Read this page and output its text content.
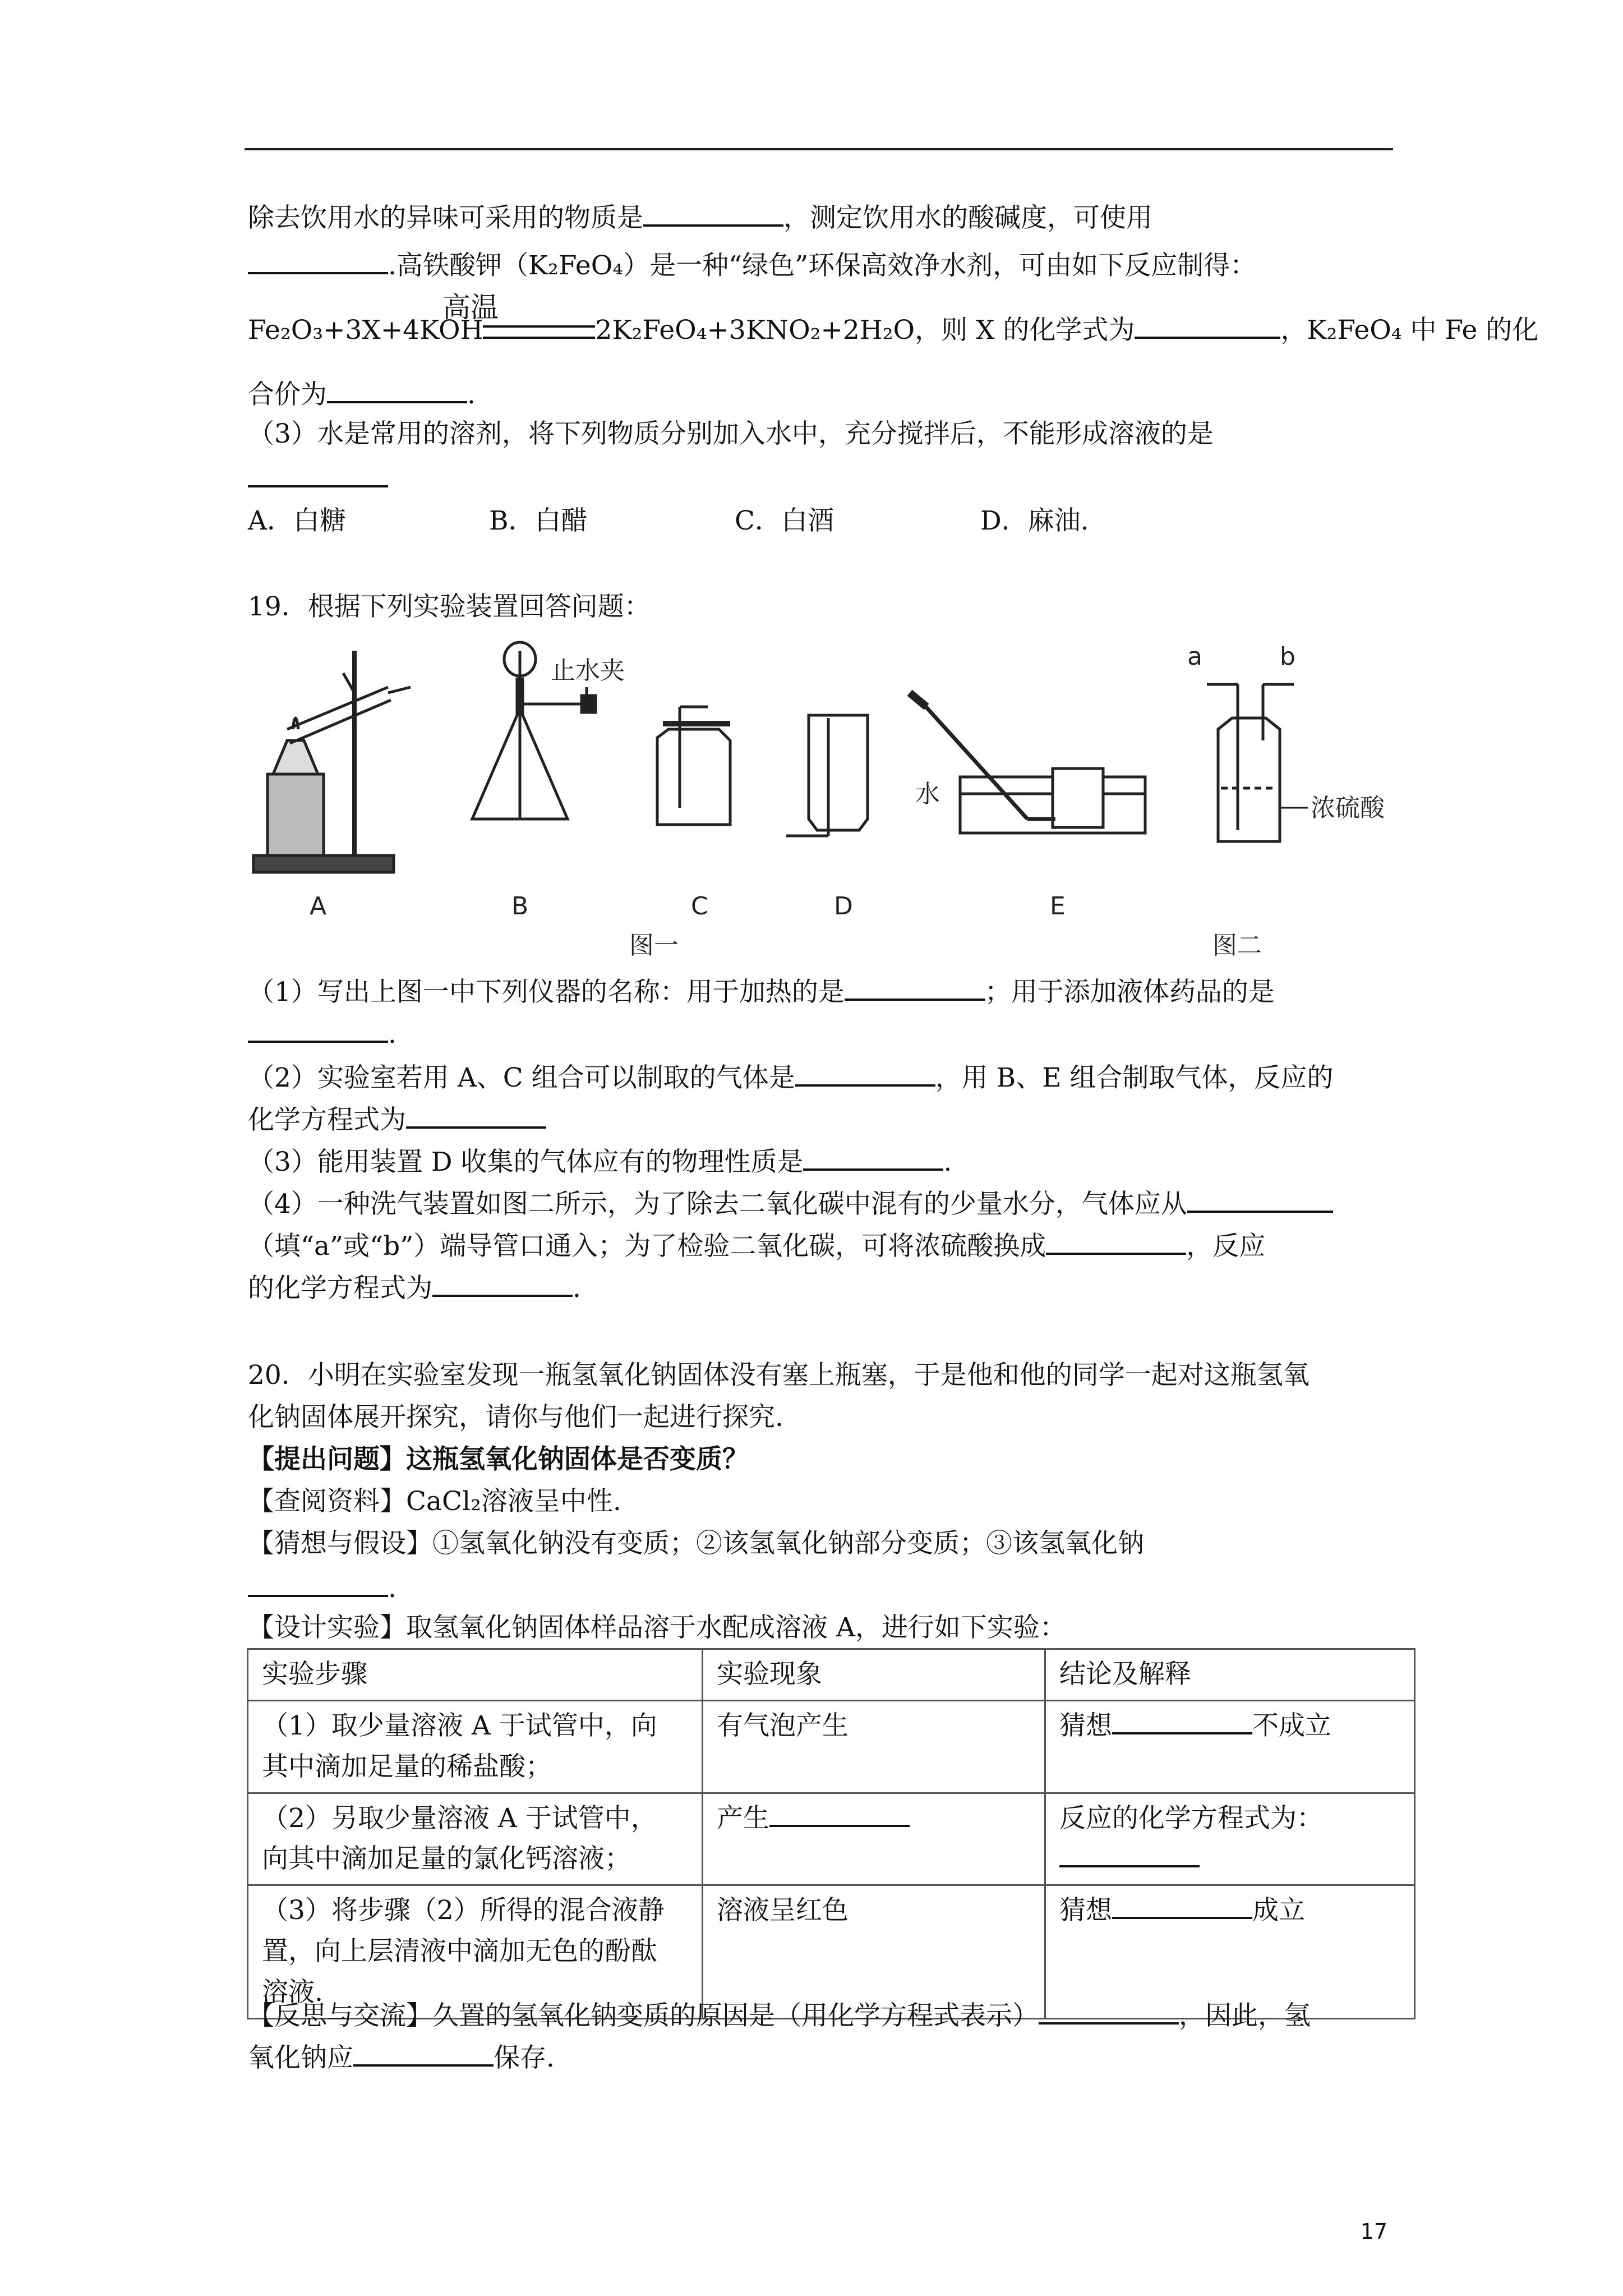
除去饮用水的异味可采用的物质是	，测定饮用水的酸碱度，可使用
.高铁酸钾（K₂FeO₄）是一种“绿色”环保高效净水剂，可由如下反应制得：
高温
Fe₂O₃+3X+4KOH	2K₂FeO₄+3KNO₂+2H₂O，则 X 的化学式为	，K₂FeO₄ 中 Fe 的化
合价为	.
（3）水是常用的溶剂，将下列物质分别加入水中，充分搅拌后，不能形成溶液的是
A．白糖	B．白醋	C．白酒	D．麻油.
19．根据下列实验装置回答问题：
A	B	C	D	E
图一	图二
止水夹
水	浓硫酸
a	b
（1）写出上图一中下列仪器的名称：用于加热的是	；用于添加液体药品的是
.
（2）实验室若用 A、C 组合可以制取的气体是	，用 B、E 组合制取气体，反应的
化学方程式为
（3）能用装置 D 收集的气体应有的物理性质是	.
（4）一种洗气装置如图二所示，为了除去二氧化碳中混有的少量水分，气体应从
（填“a”或“b”）端导管口通入；为了检验二氧化碳，可将浓硫酸换成	，反应
的化学方程式为	.
20．小明在实验室发现一瓶氢氧化钠固体没有塞上瓶塞，于是他和他的同学一起对这瓶氢氧
化钠固体展开探究，请你与他们一起进行探究.
【提出问题】这瓶氢氧化钠固体是否变质？
【查阅资料】CaCl₂溶液呈中性.
【猜想与假设】①氢氧化钠没有变质；②该氢氧化钠部分变质；③该氢氧化钠
.
【设计实验】取氢氧化钠固体样品溶于水配成溶液 A，进行如下实验：
实验步骤	实验现象	结论及解释
（1）取少量溶液 A 于试管中，向
其中滴加足量的稀盐酸；	有气泡产生	猜想 不成立
（2）另取少量溶液 A 于试管中，
向其中滴加足量的氯化钙溶液；	产生	反应的化学方程式为：

（3）将步骤（2）所得的混合液静
置，向上层清液中滴加无色的酚酞
溶液.	溶液呈红色	猜想 成立
【反思与交流】久置的氢氧化钠变质的原因是（用化学方程式表示）	，因此，氢
氧化钠应	保存.
17
